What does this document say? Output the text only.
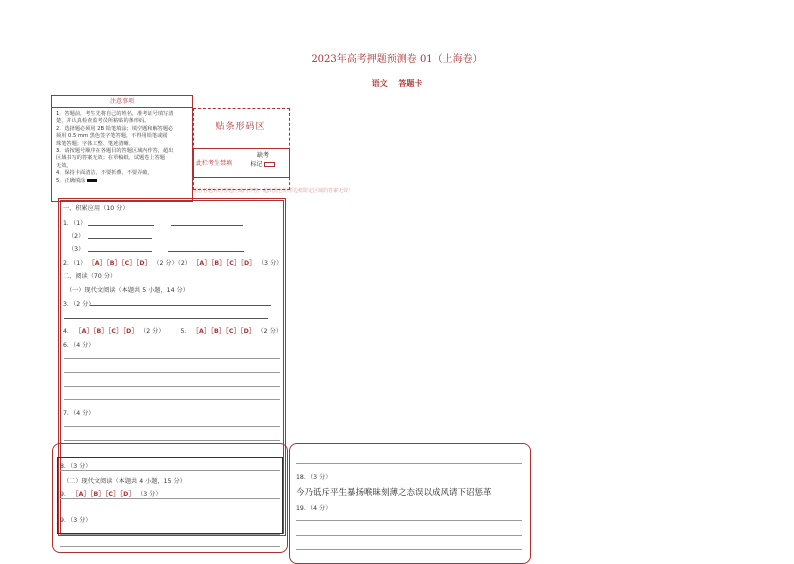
2023年高考押题预测卷 01（上海卷）
语文 答题卡
注意事项

1．答题前，考生先将自己的姓名，准考证号填写清

楚，并认真检查监考员所粘贴的条形码。

2．选择题必须用 2B 铅笔填涂；填空题和解答题必

须用 0.5 mm 黑色签字笔答题，不得用铅笔或圆

珠笔答题；字体工整、笔迹清晰。

3．请按题号顺序在各题目的答题区域内作答，超出

区域书写的答案无效；在草稿纸、试题卷上答题

无效。

4．保持卡面清洁，不要折叠、不要弄破。

5．正确填涂

贴条形码区
此栏考生禁填
缺考
标记
请在各题目的答题区域内作答，超出黑色矩形边框限定区域的答案无效！
一、积累应用（10 分）
1．（1）
（2）
（3）
2．（1） ［A］［B］［C］［D］ （2 分）（2） ［A］［B］［C］［D］ （3 分）
二、阅读（70 分）
（一）现代文阅读（本题共 5 小题，14 分）
3．（2 分）
4． ［A］［B］［C］［D］ （2 分）	5． ［A］［B］［C］［D］ （2 分）
6．（4 分）
7．（4 分）
8．（3 分）
（二）现代文阅读（本题共 4 小题，15 分）
9． ［A］［B］［C］［D］ （3 分）
9．（3 分）
18．（3 分）
今乃诋斥平生暴扬喉昧刻薄之态误以成风请下诏惩革
19．（4 分）
